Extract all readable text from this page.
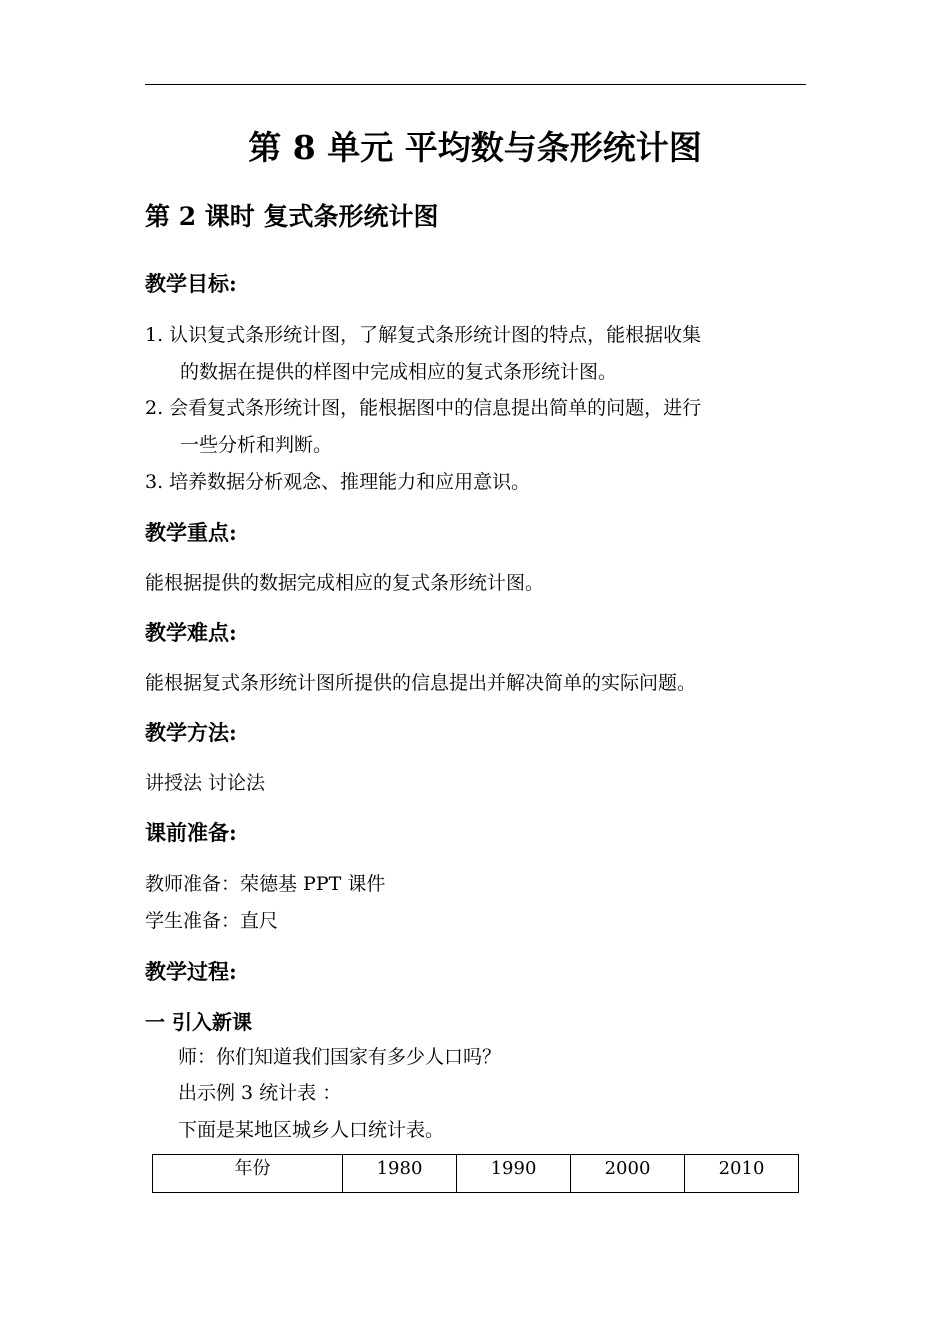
第 8 单元 平均数与条形统计图
第 2 课时 复式条形统计图
教学目标:
1. 认识复式条形统计图，了解复式条形统计图的特点，能根据收集
的数据在提供的样图中完成相应的复式条形统计图。
2. 会看复式条形统计图，能根据图中的信息提出简单的问题，进行
一些分析和判断。
3. 培养数据分析观念、推理能力和应用意识。
教学重点:
能根据提供的数据完成相应的复式条形统计图。
教学难点:
能根据复式条形统计图所提供的信息提出并解决简单的实际问题。
教学方法:
讲授法 讨论法
课前准备:
教师准备：荣德基 PPT 课件
学生准备：直尺
教学过程:
一 引入新课
师：你们知道我们国家有多少人口吗？
出示例 3 统计表 ：
下面是某地区城乡人口统计表。
年份	1980	1990	2000	2010
